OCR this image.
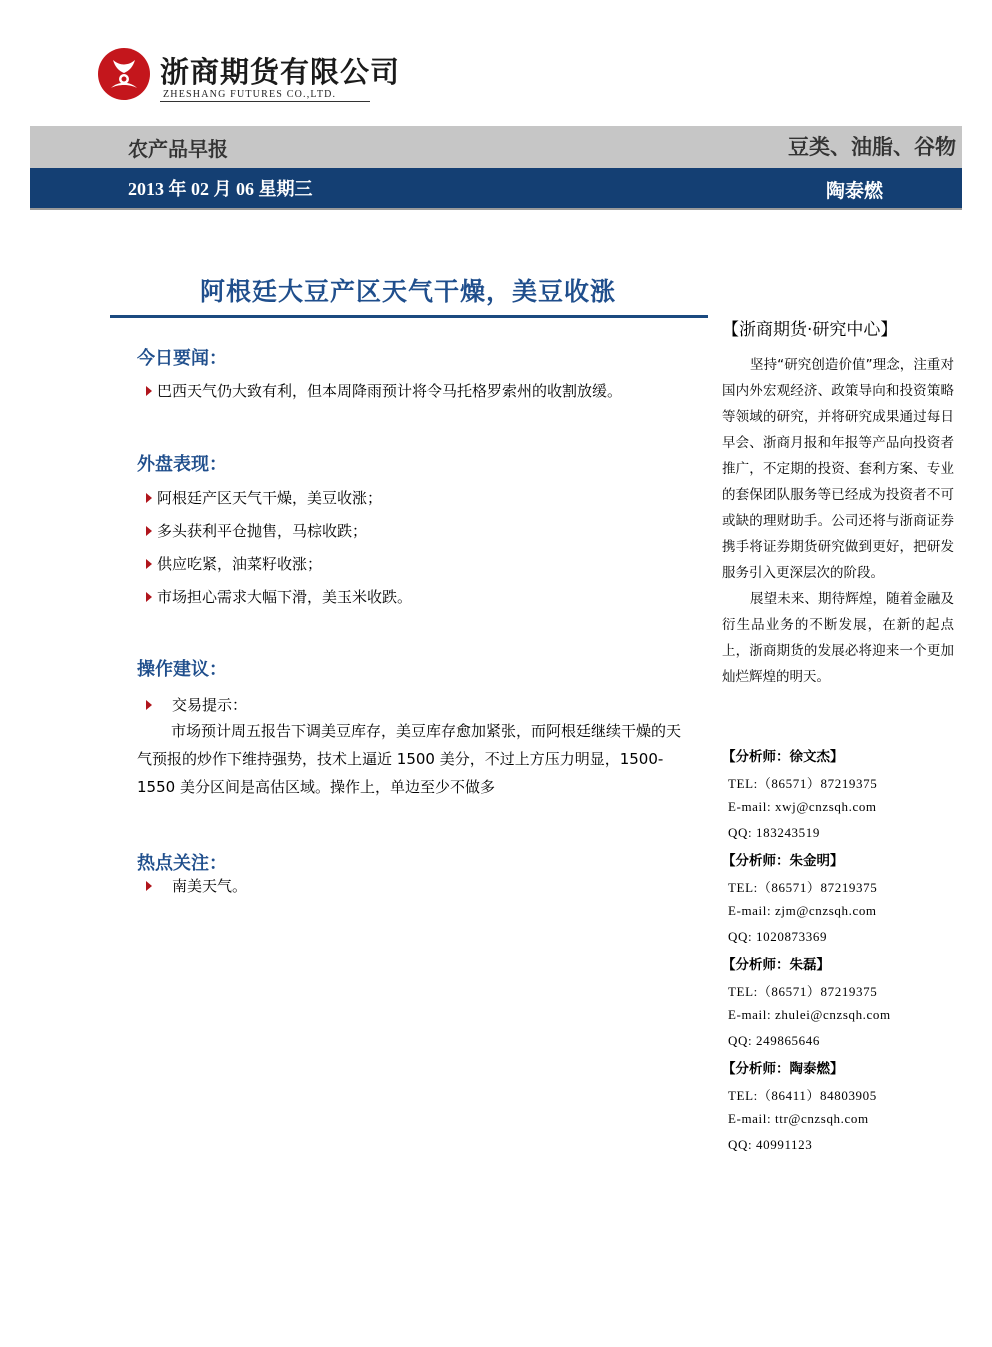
浙商期货有限公司
ZHESHANG FUTURES CO.,LTD.
农产品早报	豆类、油脂、谷物
2013 年 02 月 06 星期三	陶泰燃
阿根廷大豆产区天气干燥，美豆收涨
今日要闻：
巴西天气仍大致有利，但本周降雨预计将令马托格罗索州的收割放缓。
外盘表现：
阿根廷产区天气干燥，美豆收涨；
多头获利平仓抛售，马棕收跌；
供应吃紧，油菜籽收涨；
市场担心需求大幅下滑，美玉米收跌。
操作建议：
交易提示：
市场预计周五报告下调美豆库存，美豆库存愈加紧张，而阿根廷继续干燥的天气预报的炒作下维持强势，技术上逼近 1500 美分，不过上方压力明显，1500-1550 美分区间是高估区域。操作上，单边至少不做多
热点关注：
南美天气。
【浙商期货·研究中心】

坚持“研究创造价值”理念，注重对国内外宏观经济、政策导向和投资策略等领域的研究，并将研究成果通过每日早会、浙商月报和年报等产品向投资者推广，不定期的投资、套利方案、专业的套保团队服务等已经成为投资者不可或缺的理财助手。公司还将与浙商证券携手将证券期货研究做到更好，把研发服务引入更深层次的阶段。

展望未来、期待辉煌，随着金融及衍生品业务的不断发展，在新的起点上，浙商期货的发展必将迎来一个更加灿烂辉煌的明天。

【分析师：徐文杰】
TEL:（86571）87219375
E-mail: xwj@cnzsqh.com
QQ: 183243519
【分析师：朱金明】
TEL:（86571）87219375
E-mail: zjm@cnzsqh.com
QQ: 1020873369
【分析师：朱磊】
TEL:（86571）87219375
E-mail: zhulei@cnzsqh.com
QQ: 249865646
【分析师：陶泰燃】
TEL:（86411）84803905
E-mail: ttr@cnzsqh.com
QQ: 40991123
